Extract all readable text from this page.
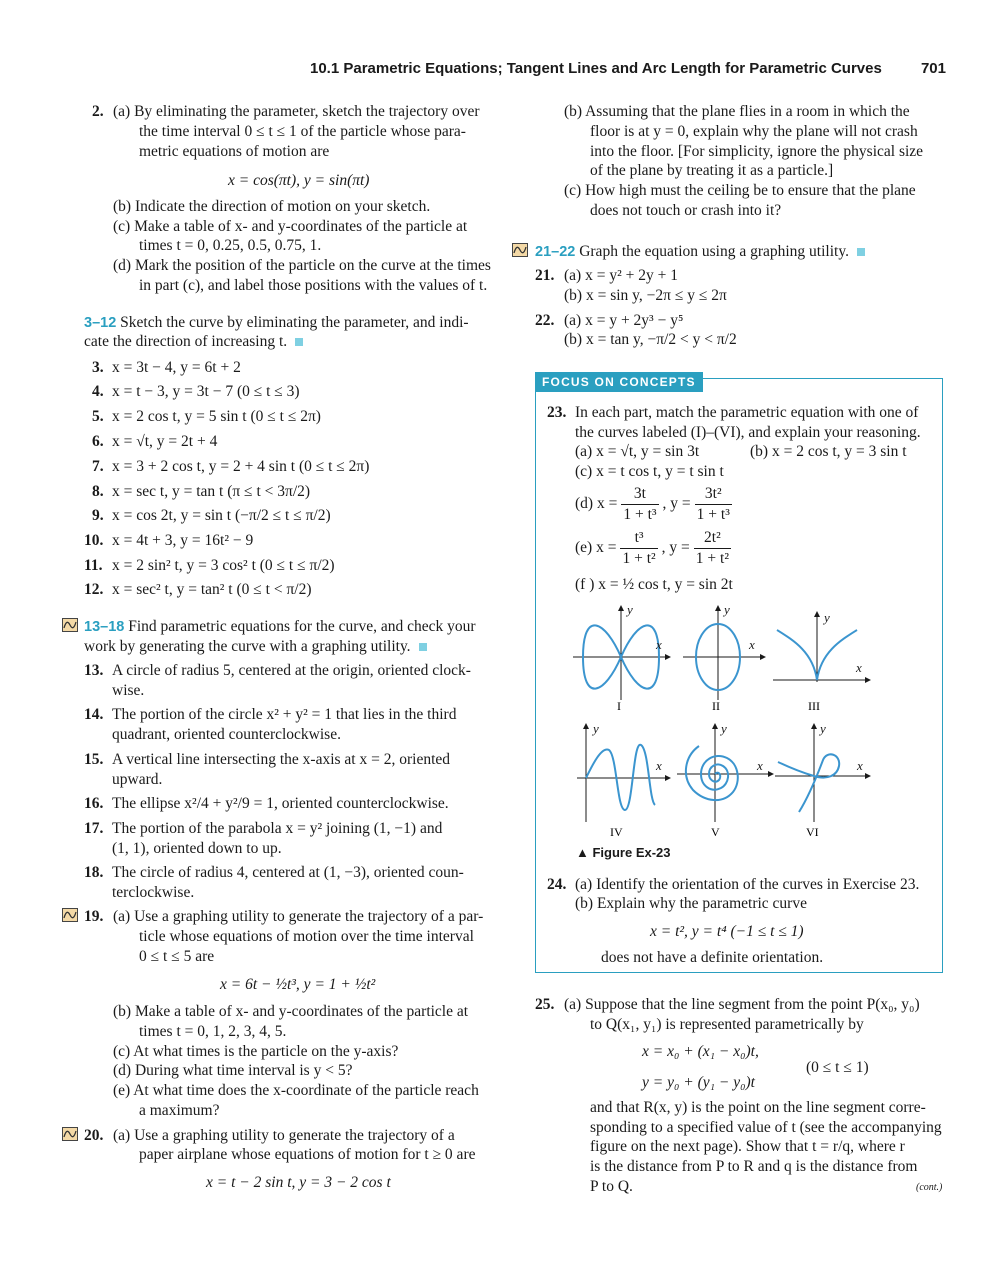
10.1 Parametric Equations; Tangent Lines and Arc Length for Parametric Curves	701
2. (a) By eliminating the parameter, sketch the trajectory over
the time interval 0 ≤ t ≤ 1 of the particle whose para-
metric equations of motion are
x = cos(πt), y = sin(πt)
(b) Indicate the direction of motion on your sketch.
(c) Make a table of x- and y-coordinates of the particle at
times t = 0, 0.25, 0.5, 0.75, 1.
(d) Mark the position of the particle on the curve at the times
in part (c), and label those positions with the values of t.
3–12 Sketch the curve by eliminating the parameter, and indi-
cate the direction of increasing t.
3. x = 3t − 4, y = 6t + 2
4. x = t − 3, y = 3t − 7 (0 ≤ t ≤ 3)
5. x = 2 cos t, y = 5 sin t (0 ≤ t ≤ 2π)
6. x = √t, y = 2t + 4
7. x = 3 + 2 cos t, y = 2 + 4 sin t (0 ≤ t ≤ 2π)
8. x = sec t, y = tan t (π ≤ t < 3π/2)
9. x = cos 2t, y = sin t (−π/2 ≤ t ≤ π/2)
10. x = 4t + 3, y = 16t² − 9
11. x = 2 sin² t, y = 3 cos² t (0 ≤ t ≤ π/2)
12. x = sec² t, y = tan² t (0 ≤ t < π/2)
13–18 Find parametric equations for the curve, and check your
work by generating the curve with a graphing utility.
13. A circle of radius 5, centered at the origin, oriented clock-
wise.
14. The portion of the circle x² + y² = 1 that lies in the third
quadrant, oriented counterclockwise.
15. A vertical line intersecting the x-axis at x = 2, oriented
upward.
16. The ellipse x²/4 + y²/9 = 1, oriented counterclockwise.
17. The portion of the parabola x = y² joining (1, −1) and
(1, 1), oriented down to up.
18. The circle of radius 4, centered at (1, −3), oriented coun-
terclockwise.
19. (a) Use a graphing utility to generate the trajectory of a par-
ticle whose equations of motion over the time interval
0 ≤ t ≤ 5 are
x = 6t − ½t³, y = 1 + ½t²
(b) Make a table of x- and y-coordinates of the particle at
times t = 0, 1, 2, 3, 4, 5.
(c) At what times is the particle on the y-axis?
(d) During what time interval is y < 5?
(e) At what time does the x-coordinate of the particle reach
a maximum?
20. (a) Use a graphing utility to generate the trajectory of a
paper airplane whose equations of motion for t ≥ 0 are
x = t − 2 sin t, y = 3 − 2 cos t
(b) Assuming that the plane flies in a room in which the
floor is at y = 0, explain why the plane will not crash
into the floor. [For simplicity, ignore the physical size
of the plane by treating it as a particle.]
(c) How high must the ceiling be to ensure that the plane
does not touch or crash into it?
21–22 Graph the equation using a graphing utility.
21. (a) x = y² + 2y + 1
(b) x = sin y, −2π ≤ y ≤ 2π
22. (a) x = y + 2y³ − y⁵
(b) x = tan y, −π/2 < y < π/2
FOCUS ON CONCEPTS
23. In each part, match the parametric equation with one of
the curves labeled (I)–(VI), and explain your reasoning.
(a) x = √t, y = sin 3t	(b) x = 2 cos t, y = 3 sin t
(c) x = t cos t, y = t sin t
(d) $x = \frac{3t}{\text{1 + t³}}$ , $y = \frac{\text{3t²}}{\text{1 + t³}}$
(e) $x = \frac{\text{t³}}{\text{1 + t²}}$ , $y = \frac{\text{2t²}}{\text{1 + t²}}$
(f ) x = ½ cos t, y = sin 2t
y
x
I
y
x
II
y
x
III
y
x
IV
y
x
V
y
x
VI
▲ Figure Ex-23
24. (a) Identify the orientation of the curves in Exercise 23.
(b) Explain why the parametric curve
x = t², y = t⁴ (−1 ≤ t ≤ 1)
does not have a definite orientation.
25. (a) Suppose that the line segment from the point P(x₀, y₀)
to Q(x₁, y₁) is represented parametrically by
x = x₀ + (x₁ − x₀)t,
y = y₀ + (y₁ − y₀)t
(0 ≤ t ≤ 1)
and that R(x, y) is the point on the line segment corre-
sponding to a specified value of t (see the accompanying
figure on the next page). Show that t = r/q, where r
is the distance from P to R and q is the distance from
P to Q.	(cont.)
